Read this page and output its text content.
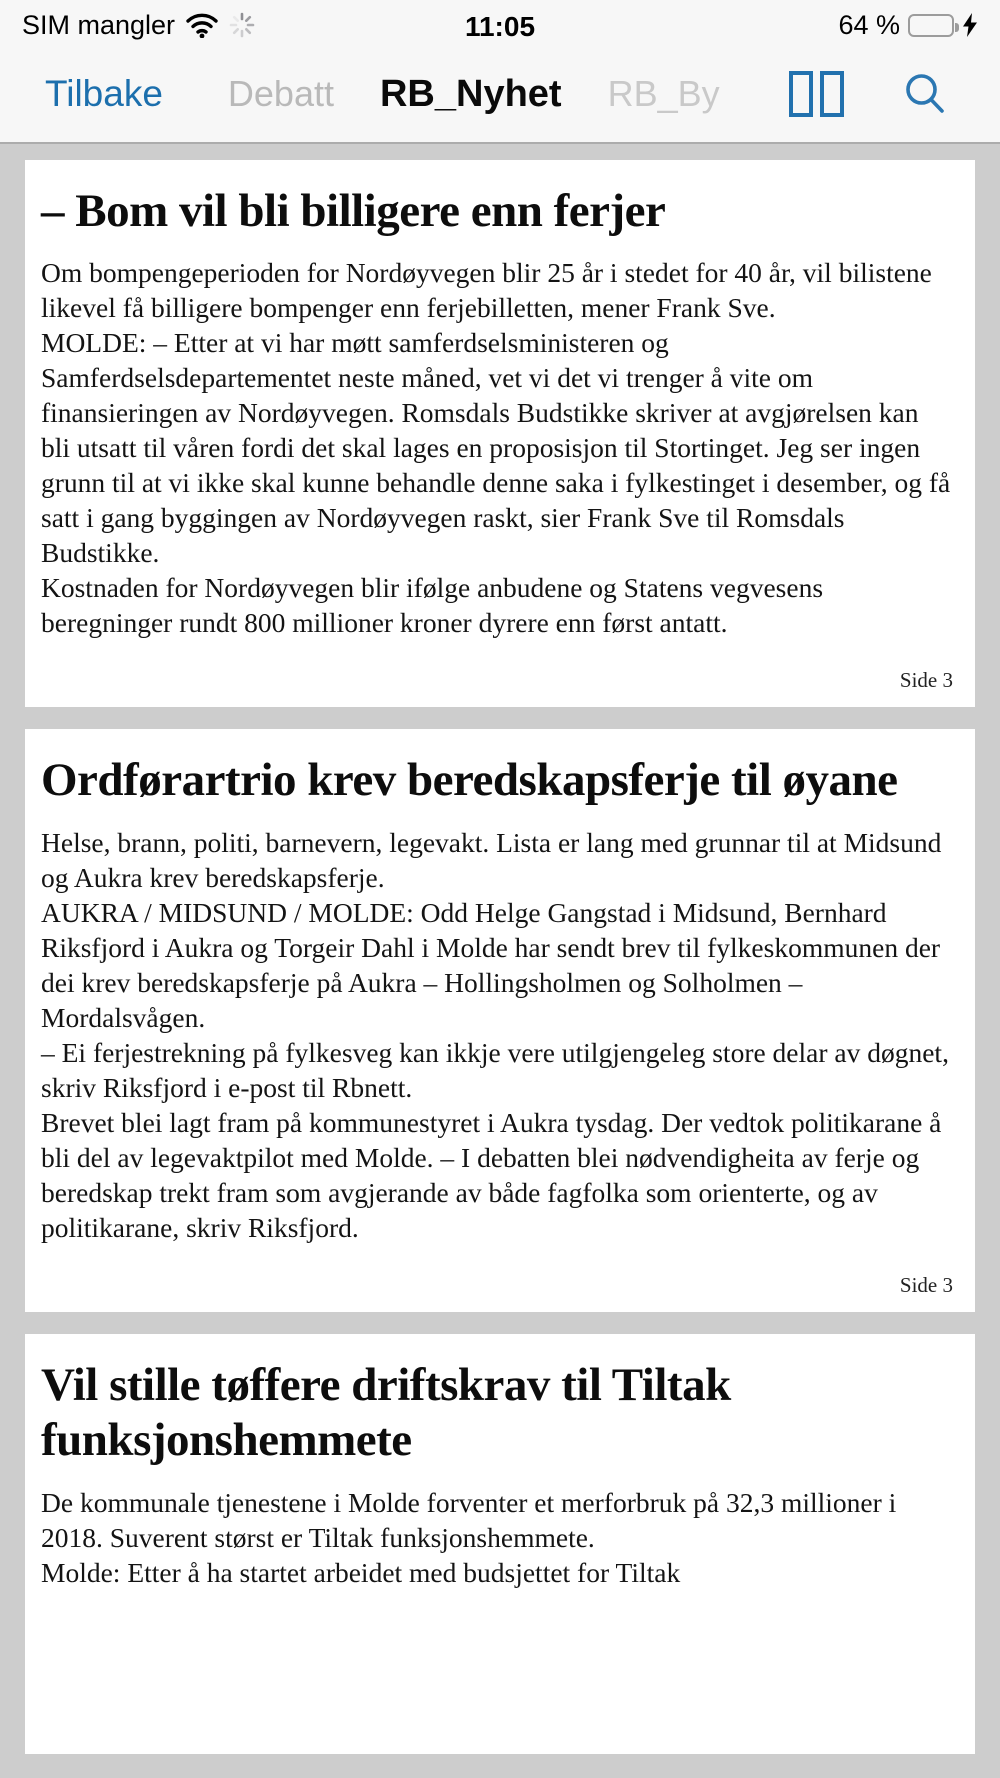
SIM mangler	11:05	64 %
Tilbake Debatt RB_Nyhet RB_By
– Bom vil bli billigere enn ferjer

Om bompengeperioden for Nordøyvegen blir 25 år i stedet for 40 år, vil bilistene likevel få billigere bompenger enn ferjebilletten, mener Frank Sve.

MOLDE: – Etter at vi har møtt samferdselsministeren og Samferdselsdepartementet neste måned, vet vi det vi trenger å vite om finansieringen av Nordøyvegen. Romsdals Budstikke skriver at avgjørelsen kan bli utsatt til våren fordi det skal lages en proposisjon til Stortinget. Jeg ser ingen grunn til at vi ikke skal kunne behandle denne saka i fylkestinget i desember, og få satt i gang byggingen av Nordøyvegen raskt, sier Frank Sve til Romsdals Budstikke.

Kostnaden for Nordøyvegen blir ifølge anbudene og Statens vegvesens beregninger rundt 800 millioner kroner dyrere enn først antatt.

Side 3
Ordførartrio krev beredskapsferje til øyane

Helse, brann, politi, barnevern, legevakt. Lista er lang med grunnar til at Midsund og Aukra krev beredskapsferje.

AUKRA / MIDSUND / MOLDE: Odd Helge Gangstad i Midsund, Bernhard Riksfjord i Aukra og Torgeir Dahl i Molde har sendt brev til fylkeskommunen der dei krev beredskapsferje på Aukra – Hollingsholmen og Solholmen – Mordalsvågen.

– Ei ferjestrekning på fylkesveg kan ikkje vere utilgjengeleg store delar av døgnet, skriv Riksfjord i e-post til Rbnett.

Brevet blei lagt fram på kommunestyret i Aukra tysdag. Der vedtok politikarane å bli del av legevaktpilot med Molde. – I debatten blei nødvendigheita av ferje og beredskap trekt fram som avgjerande av både fagfolka som orienterte, og av politikarane, skriv Riksfjord.

Side 3
Vil stille tøffere driftskrav til Tiltak funksjonshemmete

De kommunale tjenestene i Molde forventer et merforbruk på 32,3 millioner i 2018. Suverent størst er Tiltak funksjonshemmete.

Molde: Etter å ha startet arbeidet med budsjettet for Tiltak
